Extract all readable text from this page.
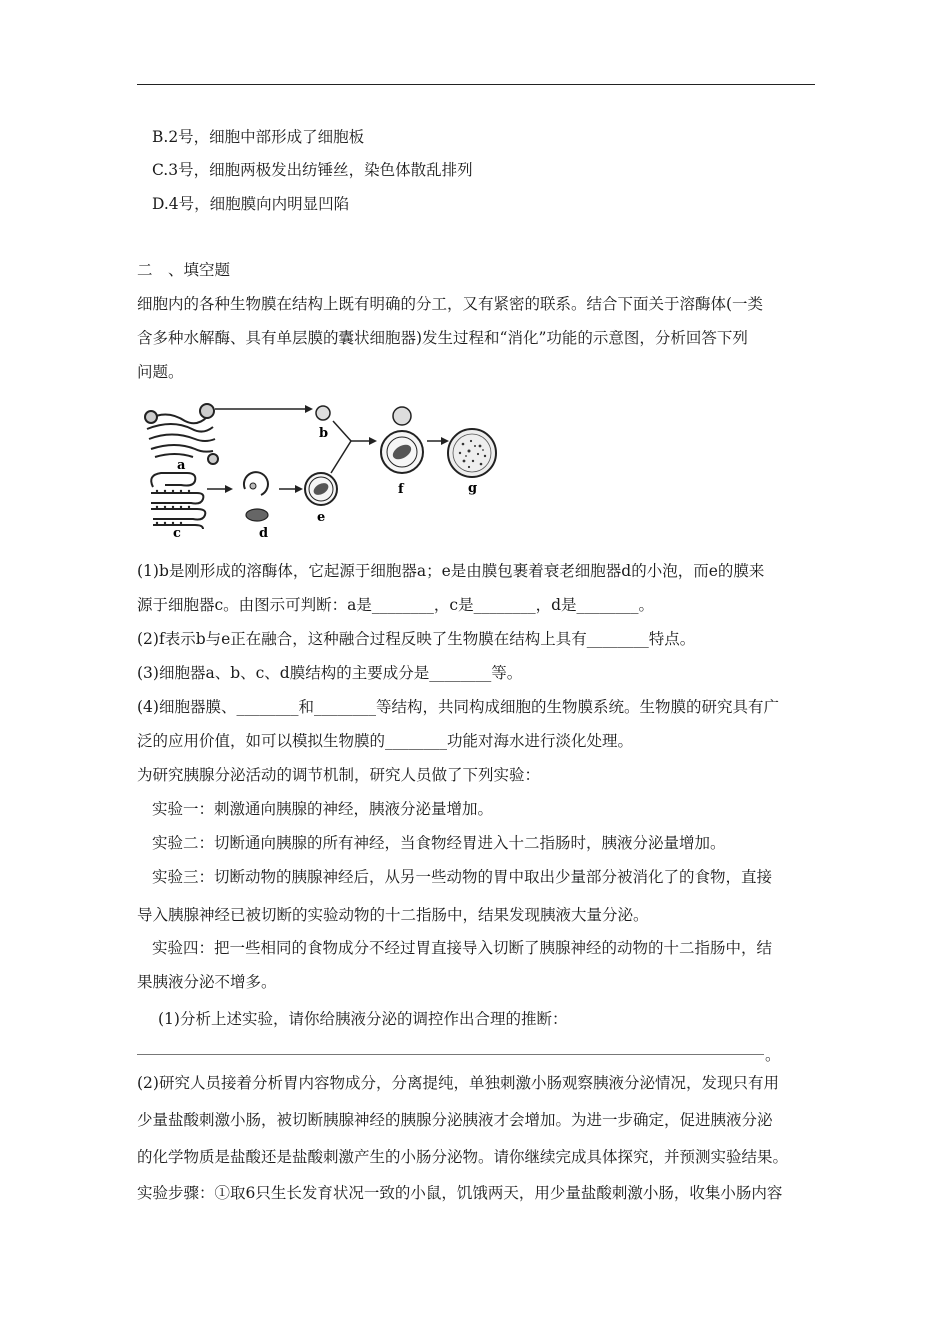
B.2号，细胞中部形成了细胞板
C.3号，细胞两极发出纺锤丝，染色体散乱排列
D.4号，细胞膜向内明显凹陷
二　、填空题
细胞内的各种生物膜在结构上既有明确的分工，又有紧密的联系。结合下面关于溶酶体(一类
含多种水解酶、具有单层膜的囊状细胞器)发生过程和“消化”功能的示意图，分析回答下列
问题。
a
b
c	d
e
f	g
(1)b是刚形成的溶酶体，它起源于细胞器a；e是由膜包裹着衰老细胞器d的小泡，而e的膜来
源于细胞器c。由图示可判断：a是________，c是________，d是________。
(2)f表示b与e正在融合，这种融合过程反映了生物膜在结构上具有________特点。
(3)细胞器a、b、c、d膜结构的主要成分是________等。
(4)细胞器膜、________和________等结构，共同构成细胞的生物膜系统。生物膜的研究具有广
泛的应用价值，如可以模拟生物膜的________功能对海水进行淡化处理。
为研究胰腺分泌活动的调节机制，研究人员做了下列实验：
实验一：刺激通向胰腺的神经，胰液分泌量增加。
实验二：切断通向胰腺的所有神经，当食物经胃进入十二指肠时，胰液分泌量增加。
实验三：切断动物的胰腺神经后，从另一些动物的胃中取出少量部分被消化了的食物，直接
导入胰腺神经已被切断的实验动物的十二指肠中，结果发现胰液大量分泌。
实验四：把一些相同的食物成分不经过胃直接导入切断了胰腺神经的动物的十二指肠中，结
果胰液分泌不增多。
(1)分析上述实验，请你给胰液分泌的调控作出合理的推断：
。
(2)研究人员接着分析胃内容物成分，分离提纯，单独刺激小肠观察胰液分泌情况，发现只有用
少量盐酸刺激小肠，被切断胰腺神经的胰腺分泌胰液才会增加。为进一步确定，促进胰液分泌
的化学物质是盐酸还是盐酸刺激产生的小肠分泌物。请你继续完成具体探究，并预测实验结果。
实验步骤：①取6只生长发育状况一致的小鼠，饥饿两天，用少量盐酸刺激小肠，收集小肠内容
